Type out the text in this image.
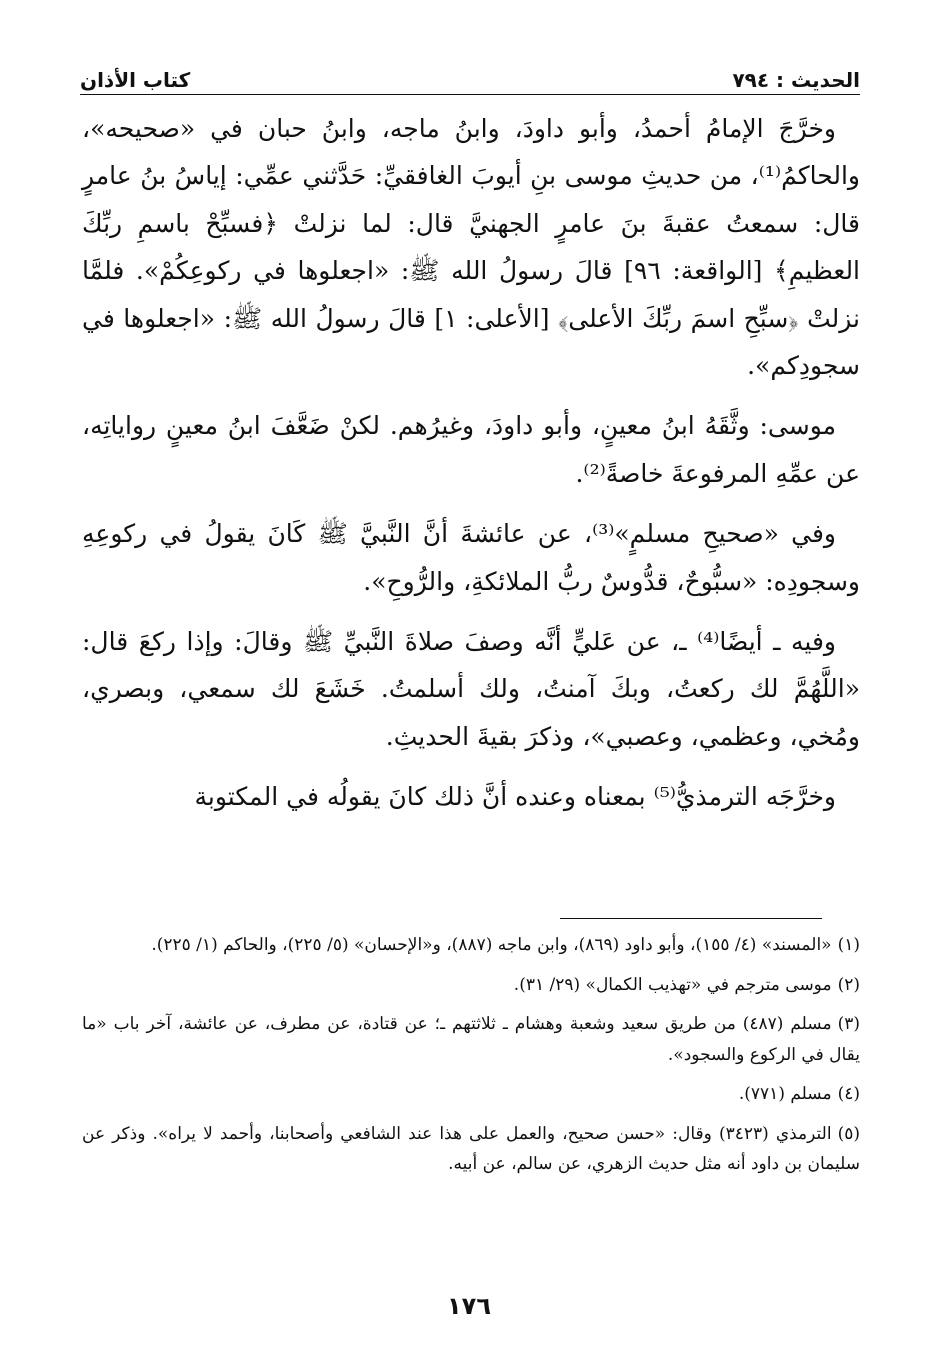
الحديث : ٧٩٤
كتاب الأذان

وخرَّجَ الإمامُ أحمدُ، وأبو داودَ، وابنُ ماجه، وابنُ حبان في «صحيحه»، والحاكمُ⁽¹⁾، من حديثِ موسى بنِ أيوبَ الغافقيِّ: حَدَّثني عمِّي: إياسُ بنُ عامرٍ قال: سمعتُ عقبةَ بنَ عامرٍ الجهنيَّ قال: لما نزلتْ ﴿فسبِّحْ باسمِ ربِّكَ العظيمِ﴾ [الواقعة: ٩٦] قالَ رسولُ الله ﷺ: «اجعلوها في ركوعِكُمْ». فلمَّا نزلتْ ﴿سبِّحِ اسمَ ربِّكَ الأعلى﴾ [الأعلى: ١] قالَ رسولُ الله ﷺ: «اجعلوها في سجودِكم».

موسى: وثَّقَهُ ابنُ معينٍ، وأبو داودَ، وغيرُهم. لكنْ ضَعَّفَ ابنُ معينٍ رواياتِه، عن عمِّهِ المرفوعةَ خاصةً⁽²⁾.

وفي «صحيحِ مسلمٍ»⁽³⁾، عن عائشةَ أنَّ النَّبيَّ ﷺ كَانَ يقولُ في ركوعِهِ وسجودِه: «سبُّوحٌ، قدُّوسٌ ربُّ الملائكةِ، والرُّوحِ».

وفيه ـ أيضًا⁽⁴⁾ ـ، عن عَليٍّ أنَّه وصفَ صلاةَ النَّبيِّ ﷺ وقالَ: وإذا ركعَ قال: «اللَّهُمَّ لك ركعتُ، وبكَ آمنتُ، ولك أسلمتُ. خَشَعَ لك سمعي، وبصري، ومُخي، وعظمي، وعصبي»، وذكرَ بقيةَ الحديثِ.

وخرَّجَه الترمذيُّ⁽⁵⁾ بمعناه وعنده أنَّ ذلك كانَ يقولُه في المكتوبة

(١)«المسند» (٤/ ١٥٥)، وأبو داود (٨٦٩)، وابن ماجه (٨٨٧)، و«الإحسان» (٥/ ٢٢٥)، والحاكم (١/ ٢٢٥).

(٢)موسى مترجم في «تهذيب الكمال» (٢٩/ ٣١).

(٣)مسلم (٤٨٧) من طريق سعيد وشعبة وهشام ـ ثلاثتهم ـ؛ عن قتادة، عن مطرف، عن عائشة، آخر باب «ما يقال في الركوع والسجود».

(٤)مسلم (٧٧١).

(٥)الترمذي (٣٤٢٣) وقال: «حسن صحيح، والعمل على هذا عند الشافعي وأصحابنا، وأحمد لا يراه». وذكر عن سليمان بن داود أنه مثل حديث الزهري، عن سالم، عن أبيه.

١٧٦
